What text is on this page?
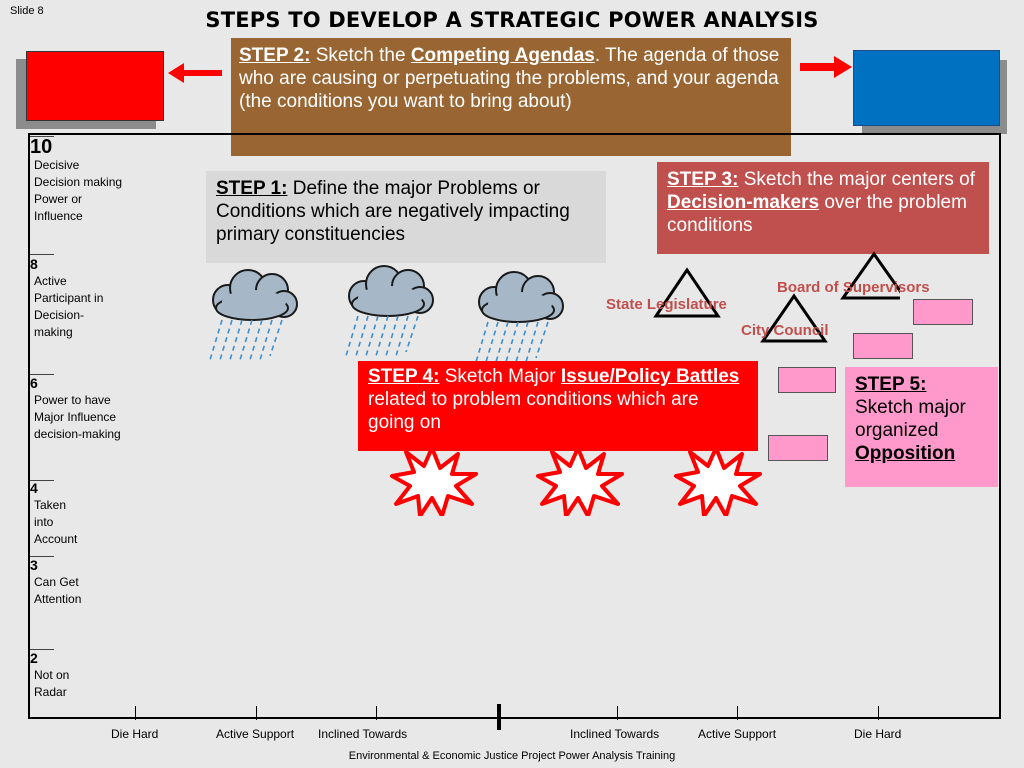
Slide 8	STEPS TO DEVELOP A STRATEGIC POWER ANALYSIS
STEP 2: Sketch the Competing Agendas. The agenda of those who are causing or perpetuating the problems, and your agenda (the conditions you want to bring about)
STEP 1: Define the major Problems or Conditions which are negatively impacting primary constituencies
STEP 3: Sketch the major centers of Decision-makers over the problem conditions
Board of Supervisors
State Legislature
City Council
STEP 4: Sketch Major Issue/Policy Battles related to problem conditions which are going on
STEP 5:
Sketch major organized
Opposition
10
Decisive
Decision making
Power or
Influence
8
Active
Participant in
Decision-
making
6
Power to have
Major Influence
decision-making
4
Taken
into
Account
3
Can Get
Attention
2
Not on
Radar
Die Hard	Active Support Inclined Towards	Inclined Towards	Active Support	Die Hard
Environmental & Economic Justice Project Power Analysis Training
